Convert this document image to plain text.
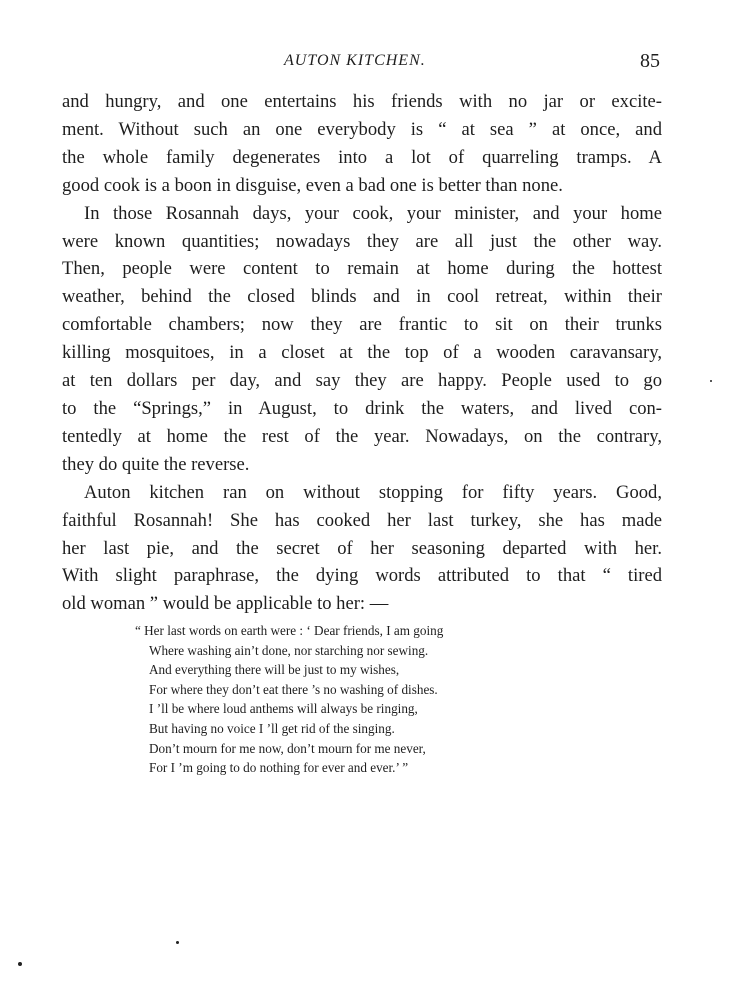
AUTON KITCHEN.	85
and hungry, and one entertains his friends with no jar or excite-
ment. Without such an one everybody is “ at sea ” at once, and
the whole family degenerates into a lot of quarreling tramps. A
good cook is a boon in disguise, even a bad one is better than none.
In those Rosannah days, your cook, your minister, and your home
were known quantities; nowadays they are all just the other way.
Then, people were content to remain at home during the hottest
weather, behind the closed blinds and in cool retreat, within their
comfortable chambers; now they are frantic to sit on their trunks
killing mosquitoes, in a closet at the top of a wooden caravansary,
at ten dollars per day, and say they are happy. People used to go
to the “Springs,” in August, to drink the waters, and lived con-
tentedly at home the rest of the year. Nowadays, on the contrary,
they do quite the reverse.
Auton kitchen ran on without stopping for fifty years. Good,
faithful Rosannah! She has cooked her last turkey, she has made
her last pie, and the secret of her seasoning departed with her.
With slight paraphrase, the dying words attributed to that “ tired
old woman ” would be applicable to her: —
“ Her last words on earth were : ‘ Dear friends, I am going
Where washing ain’t done, nor starching nor sewing.
And everything there will be just to my wishes,
For where they don’t eat there ’s no washing of dishes.
I ’ll be where loud anthems will always be ringing,
But having no voice I ’ll get rid of the singing.
Don’t mourn for me now, don’t mourn for me never,
For I ’m going to do nothing for ever and ever.’ ”
